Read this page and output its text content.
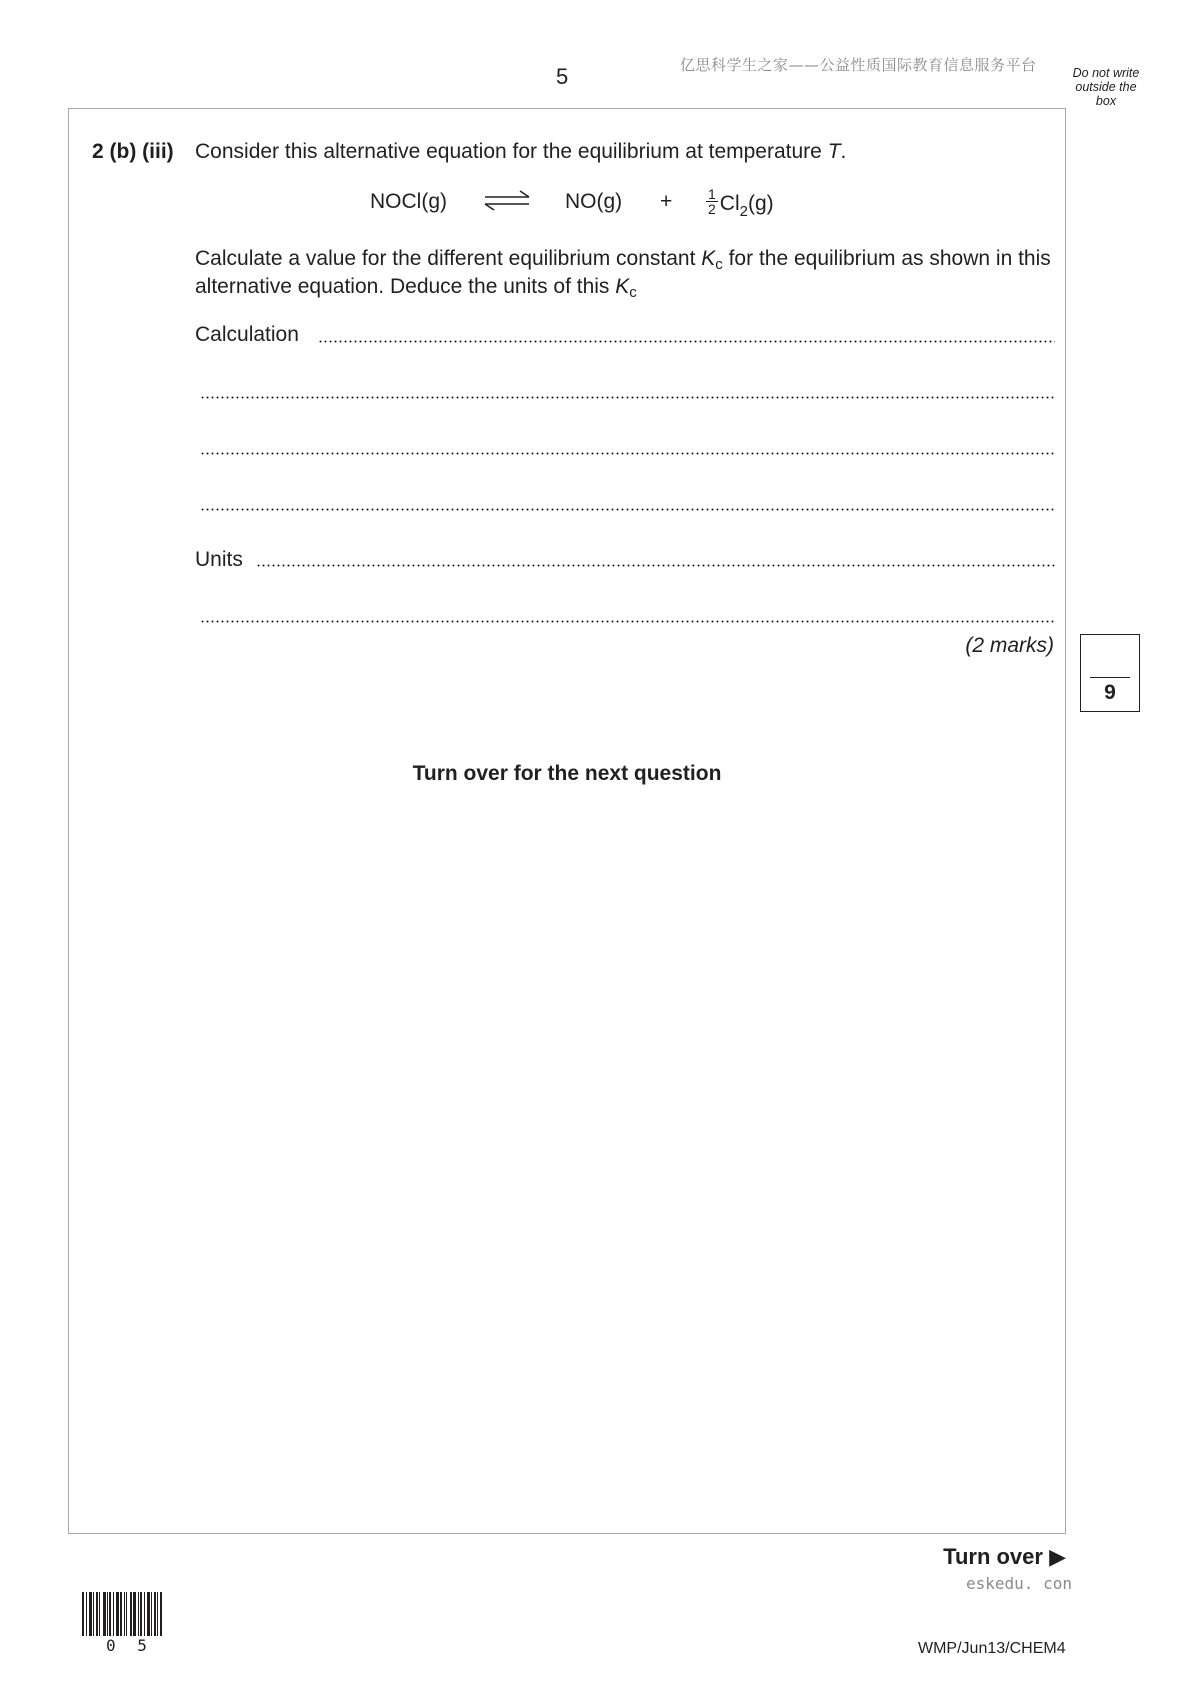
5	亿思科学生之家——公益性质国际教育信息服务平台	Do not write
outside the
box
2 (b) (iii) Consider this alternative equation for the equilibrium at temperature T.
NOCl(g)	$NO(g) + \frac{1}{2} Cl_2(g)$
Calculate a value for the different equilibrium constant Kc for the equilibrium as shown in this alternative equation. Deduce the units of this Kc
Calculation
Units
(2 marks)
9
Turn over for the next question
Turn over ▶
eskedu. con
0 5	WMP/Jun13/CHEM4
